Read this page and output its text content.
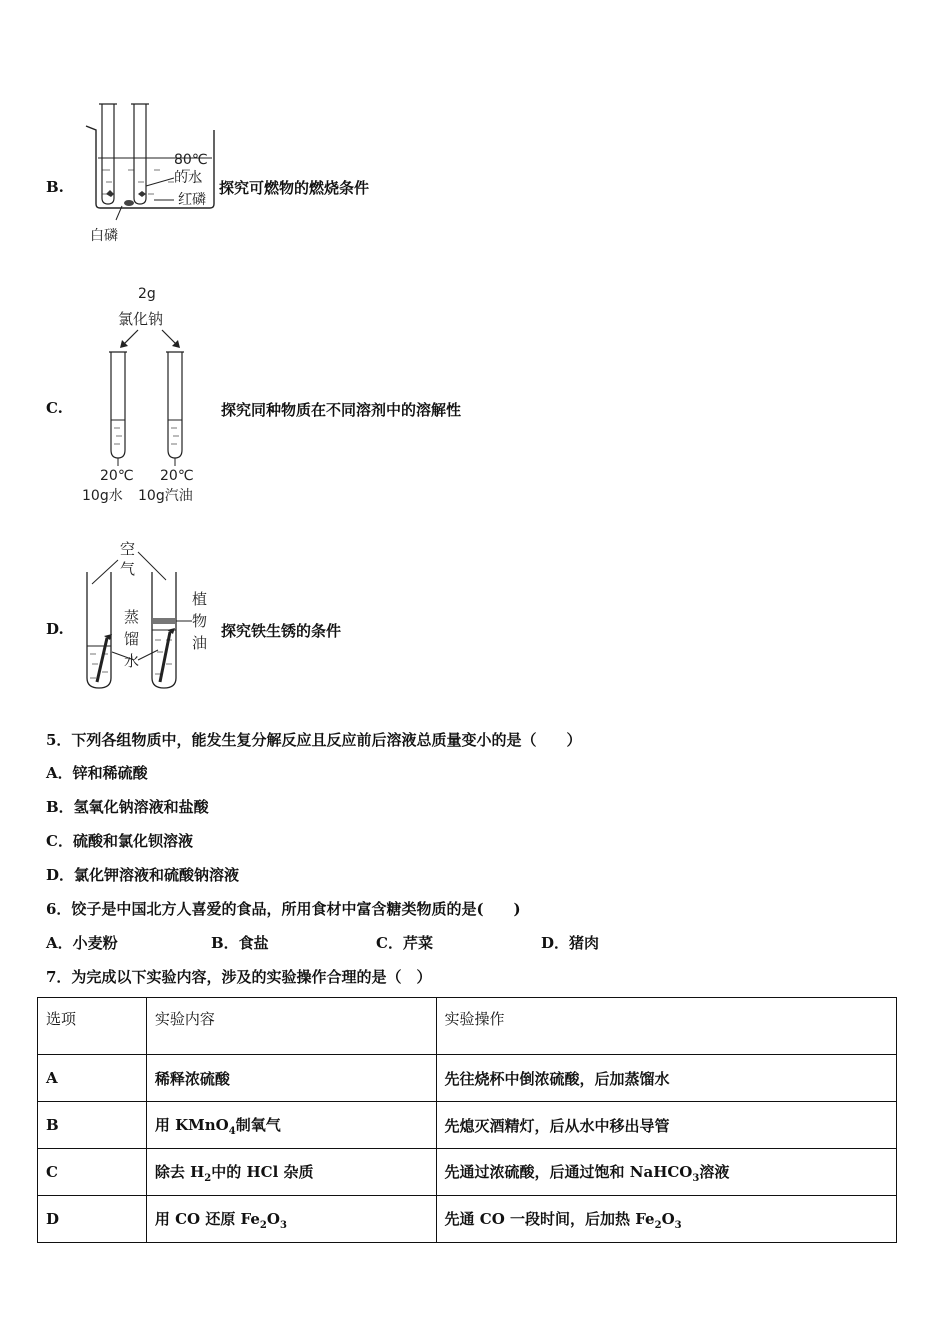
B.
80℃
的水
红磷
白磷
探究可燃物的燃烧条件
C.
2g
氯化钠
20℃ 20℃
10g水 10g汽油
探究同种物质在不同溶剂中的溶解性
D.
空
气
蒸
馏
水
植
物
油
探究铁生锈的条件
5．下列各组物质中，能发生复分解反应且反应前后溶液总质量变小的是（　　）
A．锌和稀硫酸
B．氢氧化钠溶液和盐酸
C．硫酸和氯化钡溶液
D．氯化钾溶液和硫酸钠溶液
6．饺子是中国北方人喜爱的食品，所用食材中富含糖类物质的是(　　)
A．小麦粉	B．食盐	C．芹菜	D．猪肉
7．为完成以下实验内容，涉及的实验操作合理的是（　）
选项	实验内容	实验操作
A	稀释浓硫酸	先往烧杯中倒浓硫酸，后加蒸馏水
B	用 KMnO$_4$制氧气	先熄灭酒精灯，后从水中移出导管
C	除去 $H_2$中的 HCl 杂质	先通过浓硫酸，后通过饱和 NaHCO$_3$溶液
D	用 CO 还原 $Fe_2O_3$	先通 CO 一段时间，后加热 $Fe_2O_3$
